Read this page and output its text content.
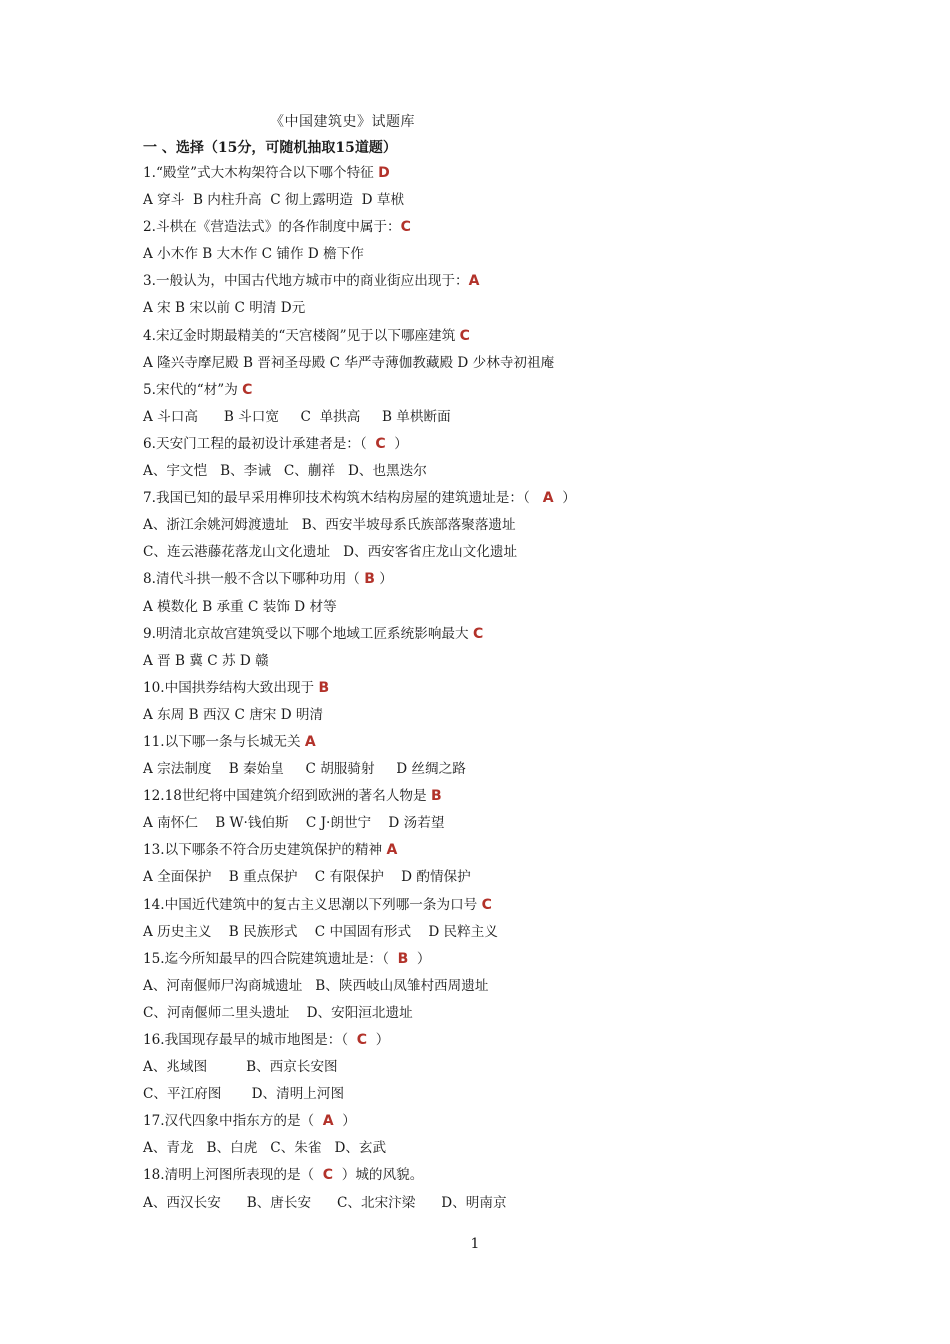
《中国建筑史》试题库
一 、选择（15分，可随机抽取15道题）
1.“殿堂”式大木构架符合以下哪个特征 D
A 穿斗  B 内柱升高  C 彻上露明造  D 草栿
2.斗栱在《营造法式》的各作制度中属于：C
A 小木作 B 大木作 C 铺作 D 檐下作
3.一般认为，中国古代地方城市中的商业街应出现于：A
A 宋 B 宋以前 C 明清 D元
4.宋辽金时期最精美的“天宫楼阁”见于以下哪座建筑 C
A 隆兴寺摩尼殿 B 晋祠圣母殿 C 华严寺薄伽教藏殿 D 少林寺初祖庵
5.宋代的“材”为 C
A 斗口高      B 斗口宽     C  单拱高     B 单栱断面
6.天安门工程的最初设计承建者是：（  C  ）
A、宇文恺   B、李诫   C、蒯祥   D、也黑迭尔
7.我国已知的最早采用榫卯技术构筑木结构房屋的建筑遗址是：（   A  ）
A、浙江余姚河姆渡遗址   B、西安半坡母系氏族部落聚落遗址
C、连云港藤花落龙山文化遗址   D、西安客省庄龙山文化遗址
8.清代斗拱一般不含以下哪种功用（ B ）
A 模数化 B 承重 C 装饰 D 材等
9.明清北京故宫建筑受以下哪个地域工匠系统影响最大 C
A 晋 B 冀 C 苏 D 赣
10.中国拱券结构大致出现于 B
A 东周 B 西汉 C 唐宋 D 明清
11.以下哪一条与长城无关 A
A 宗法制度    B 秦始皇     C 胡服骑射     D 丝绸之路
12.18世纪将中国建筑介绍到欧洲的著名人物是 B
A 南怀仁    B W·钱伯斯    C J·朗世宁    D 汤若望
13.以下哪条不符合历史建筑保护的精神 A
A 全面保护    B 重点保护    C 有限保护    D 酌情保护
14.中国近代建筑中的复古主义思潮以下列哪一条为口号 C
A 历史主义    B 民族形式    C 中国固有形式    D 民粹主义
15.迄今所知最早的四合院建筑遗址是：（  B  ）
A、河南偃师尸沟商城遗址   B、陕西岐山凤雏村西周遗址
C、河南偃师二里头遗址    D、安阳洹北遗址
16.我国现存最早的城市地图是：（  C  ）
A、兆域图         B、西京长安图
C、平江府图       D、清明上河图
17.汉代四象中指东方的是（  A  ）
A、青龙   B、白虎   C、朱雀   D、玄武
18.清明上河图所表现的是（  C  ）城的风貌。
A、西汉长安      B、唐长安      C、北宋汴梁      D、明南京
1
